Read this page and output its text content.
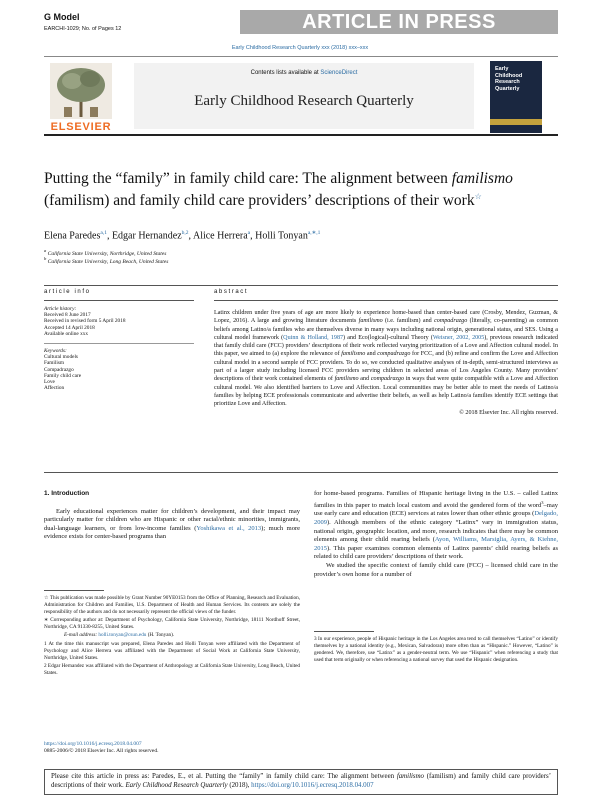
G Model
EARCHI-1029; No. of Pages 12	ARTICLE IN PRESS
Early Childhood Research Quarterly xxx (2018) xxx–xxx
ELSEVIER
Contents lists available at ScienceDirect
Early Childhood Research Quarterly
Early Childhood Research Quarterly
Putting the “family” in family child care: The alignment between familismo (familism) and family child care providers’ descriptions of their work☆
Elena Paredes$^{a,1}$, Edgar Hernandez$^{b,2}$, Alice Herrera$^a$, Holli Tonyan$^{a,∗,1}$
$^a$ California State University, Northridge, United States
$^b$ California State University, Long Beach, United States
article info	abstract
Article history:
Received 8 June 2017
Received in revised form 5 April 2018
Accepted 14 April 2018
Available online xxx
Keywords:
Cultural models
Familism
Compadrazgo
Family child care
Love
Affection
Latinx children under five years of age are more likely to experience home-based than center-based care (Crosby, Mendez, Guzman, & Lopez, 2016). A large and growing literature documents familismo (i.e. familism) and compadrazgo (literally, co-parenting) as common beliefs among Latino/a families who are themselves diverse in many ways including national origin, generational status, and SES. Using a cultural model framework (Quinn & Holland, 1987) and Eco(logical)-cultural Theory (Weisner, 2002, 2005), previous research indicated that family child care (FCC) providers’ descriptions of their work reflected varying prioritization of a Love and Affection cultural model. In this paper, we aimed to (a) explore the relevance of familismo and compadrazgo for FCC, and (b) refine and confirm the Love and Affection cultural model in a second sample of FCC providers. To do so, we conducted qualitative analyses of in-depth, semi-structured interviews as part of a larger study including licensed FCC providers serving children in selected areas of Los Angeles County. Many providers’ descriptions of their work contained elements of familismo and compadrazgo in ways that were quite compatible with a Love and Affection cultural model. We also identified barriers to Love and Affection. Local communities may be better able to meet the needs of Latino/a families by helping ECE professionals communicate and advertise their beliefs, as well as help Latino/a families identify ECE settings that prioritize Love and Affection.
© 2018 Elsevier Inc. All rights reserved.
1. Introduction
Early educational experiences matter for children’s development, and their impact may particularly matter for children who are Hispanic or other racial/ethnic minorities, immigrants, dual-language learners, or from low-income families (Yoshikawa et al., 2013); much more evidence exists for center-based programs than
☆ This publication was made possible by Grant Number 90YE0153 from the Office of Planning, Research and Evaluation, Administration for Children and Families, U.S. Department of Health and Human Services. Its contents are solely the responsibility of the authors and do not necessarily represent the official views of the funder.
∗ Corresponding author at: Department of Psychology, California State University, Northridge, 18111 Nordhoff Street, Northridge, CA 91330-8255, United States.
E-mail address: holli.tonyan@csun.edu (H. Tonyan).
1 At the time this manuscript was prepared, Elena Paredes and Holli Tonyan were affiliated with the Department of Psychology and Alice Herrera was affiliated with the Department of Social Work at California State University, Northridge, United States.
2 Edgar Hernandez was affiliated with the Department of Anthropology at California State University, Long Beach, United States.
https://doi.org/10.1016/j.ecresq.2018.04.007
0885-2006/© 2018 Elsevier Inc. All rights reserved.
for home-based programs. Families of Hispanic heritage living in the U.S. – called Latinx families in this paper to match local custom and avoid the gendered form of the word$^3$–may use early care and education (ECE) services at rates lower than other ethnic groups (Delgado, 2009). Although members of the ethnic category “Latinx” vary in immigration status, national origin, geographic location, and more, research indicates that there may be common elements among their child rearing beliefs (Ayon, Williams, Marsiglia, Ayers, & Kiehne, 2015). This paper examines common elements of Latinx parents’ child rearing beliefs as related to child care providers’ descriptions of their work.
We studied the specific context of family child care (FCC) – licensed child care in the provider’s own home for a number of
3 In our experience, people of Hispanic heritage in the Los Angeles area tend to call themselves “Latino” or identify themselves by a national identity (e.g., Mexican, Salvadoran) more often than as “Hispanic.” However, “Latino” is gendered. We, therefore, use “Latinx” as a gender-neutral term. We use “Hispanic” when referencing a study that used that term originally or when referencing a national survey that used the Hispanic designation.
Please cite this article in press as: Paredes, E., et al. Putting the “family” in family child care: The alignment between familismo (familism) and family child care providers’ descriptions of their work. Early Childhood Research Quarterly (2018), https://doi.org/10.1016/j.ecresq.2018.04.007
